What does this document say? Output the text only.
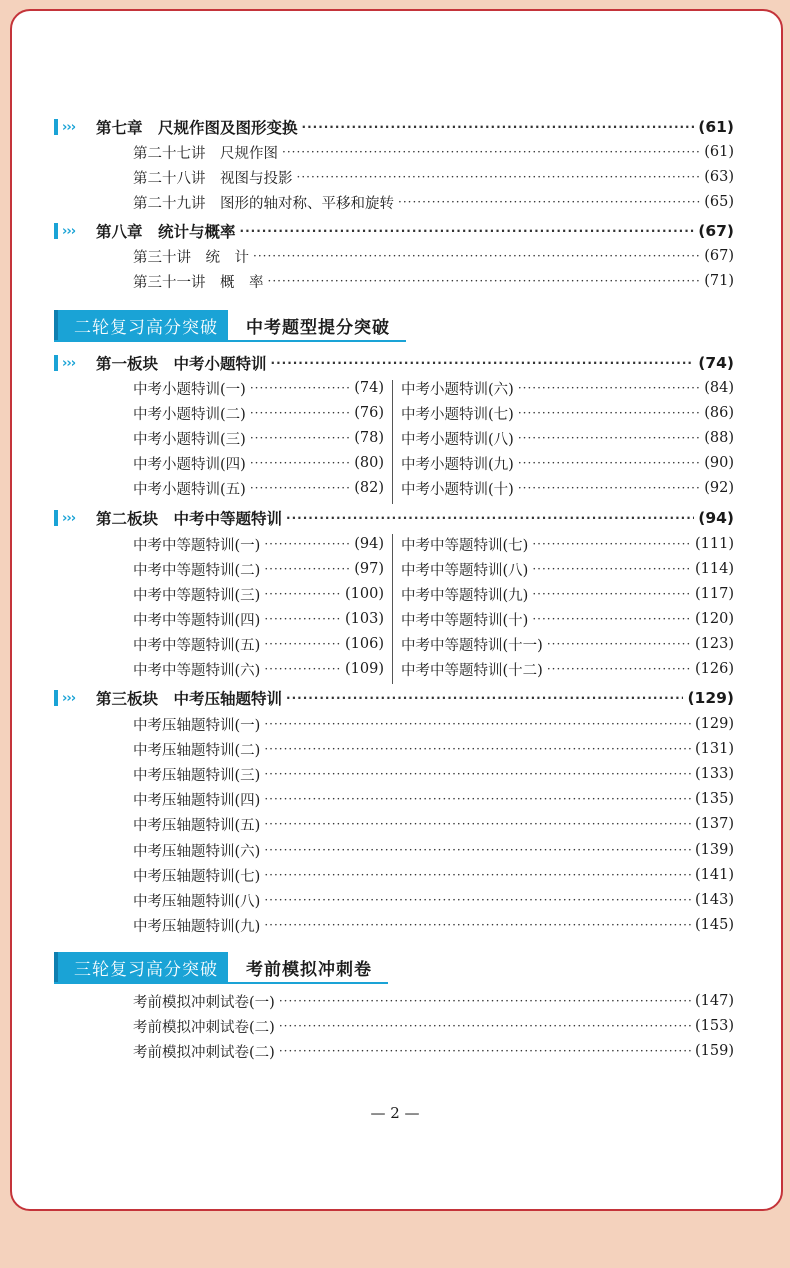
››› 第七章　尺规作图及图形变换 ·····	(61)
第二十七讲　尺规作图 ·····	(61)
第二十八讲　视图与投影 ·····	(63)
第二十九讲　图形的轴对称、平移和旋转 ·····	(65)
››› 第八章　统计与概率 ·····	(67)
第三十讲　统　计 ·····	(67)
第三十一讲　概　率 ·····	(71)
二轮复习高分突破	中考题型提分突破
››› 第一板块　中考小题特训 ·····	(74)
中考小题特训(一) ·····	(74)
中考小题特训(二) ·····	(76)
中考小题特训(三) ·····	(78)
中考小题特训(四) ·····	(80)
中考小题特训(五) ·····	(82)
中考小题特训(六) ·····	(84)
中考小题特训(七) ·····	(86)
中考小题特训(八) ·····	(88)
中考小题特训(九) ·····	(90)
中考小题特训(十) ·····	(92)
››› 第二板块　中考中等题特训 ·····	(94)
中考中等题特训(一) ·····	(94)
中考中等题特训(二) ·····	(97)
中考中等题特训(三) ·····	(100)
中考中等题特训(四) ·····	(103)
中考中等题特训(五) ·····	(106)
中考中等题特训(六) ·····	(109)
中考中等题特训(七) ·····	(111)
中考中等题特训(八) ·····	(114)
中考中等题特训(九) ·····	(117)
中考中等题特训(十) ·····	(120)
中考中等题特训(十一) ·····	(123)
中考中等题特训(十二) ·····	(126)
››› 第三板块　中考压轴题特训 ·····	(129)
中考压轴题特训(一) ·····	(129)
中考压轴题特训(二) ·····	(131)
中考压轴题特训(三) ·····	(133)
中考压轴题特训(四) ·····	(135)
中考压轴题特训(五) ·····	(137)
中考压轴题特训(六) ·····	(139)
中考压轴题特训(七) ·····	(141)
中考压轴题特训(八) ·····	(143)
中考压轴题特训(九) ·····	(145)
三轮复习高分突破	考前模拟冲刺卷
考前模拟冲刺试卷(一) ·····	(147)
考前模拟冲刺试卷(二) ·····	(153)
考前模拟冲刺试卷(二) ·····	(159)
— 2 —
